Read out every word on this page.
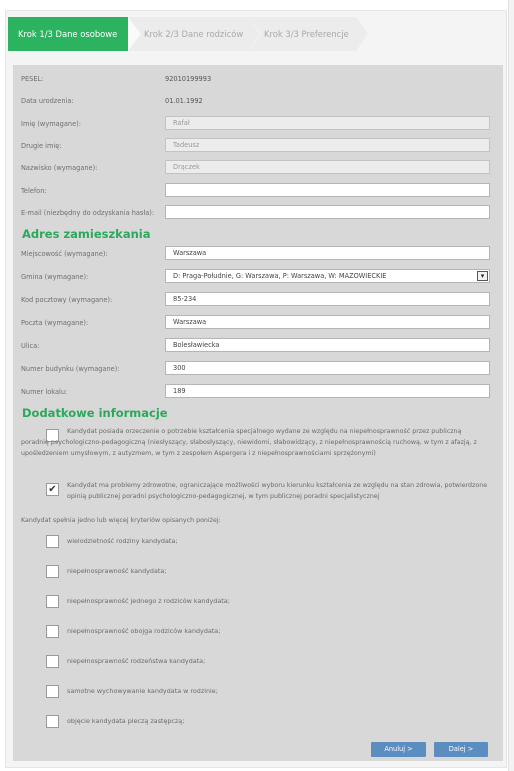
Krok 1/3 Dane osobowe	Krok 2/3 Dane rodziców	Krok 3/3 Preferencje
PESEL:	92010199993
Data urodzenia:	01.01.1992
Imię (wymagane):	Rafał
Drugie imię:	Tadeusz
Nazwisko (wymagane):	Drączek
Telefon:
E-mail (niezbędny do odzyskania hasła):
Adres zamieszkania
Miejscowość (wymagane):	Warszawa
Gmina (wymagane):	D: Praga-Południe, G: Warszawa, P: Warszawa, W: MAZOWIECKIE	▾
Kod pocztowy (wymagane):	85-234
Poczta (wymagane):	Warszawa
Ulica:	Bolesławiecka
Numer budynku (wymagane):	300
Numer lokalu:	189
Dodatkowe informacje
Kandydat posiada orzeczenie o potrzebie kształcenia specjalnego wydane ze względu na niepełnosprawność przez publiczną poradnię psychologiczno-pedagogiczną (niesłyszący, słabosłyszący, niewidomi, słabowidzący, z niepełnosprawnością ruchową, w tym z afazją, z upośledzeniem umysłowym, z autyzmem, w tym z zespołem Aspergera i z niepełnosprawnościami sprzężonymi)
✔	Kandydat ma problemy zdrowotne, ograniczające możliwości wyboru kierunku kształcenia ze względu na stan zdrowia, potwierdzone opinią publicznej poradni psychologiczno-pedagogicznej, w tym publicznej poradni specjalistycznej
Kandydat spełnia jedno lub więcej kryteriów opisanych poniżej:
wielodzietność rodziny kandydata;
niepełnosprawność kandydata;
niepełnosprawność jednego z rodziców kandydata;
niepełnosprawność obojga rodziców kandydata;
niepełnosprawność rodzeństwa kandydata;
samotne wychowywanie kandydata w rodzinie;
objęcie kandydata pieczą zastępczą;
Anuluj >	Dalej >
